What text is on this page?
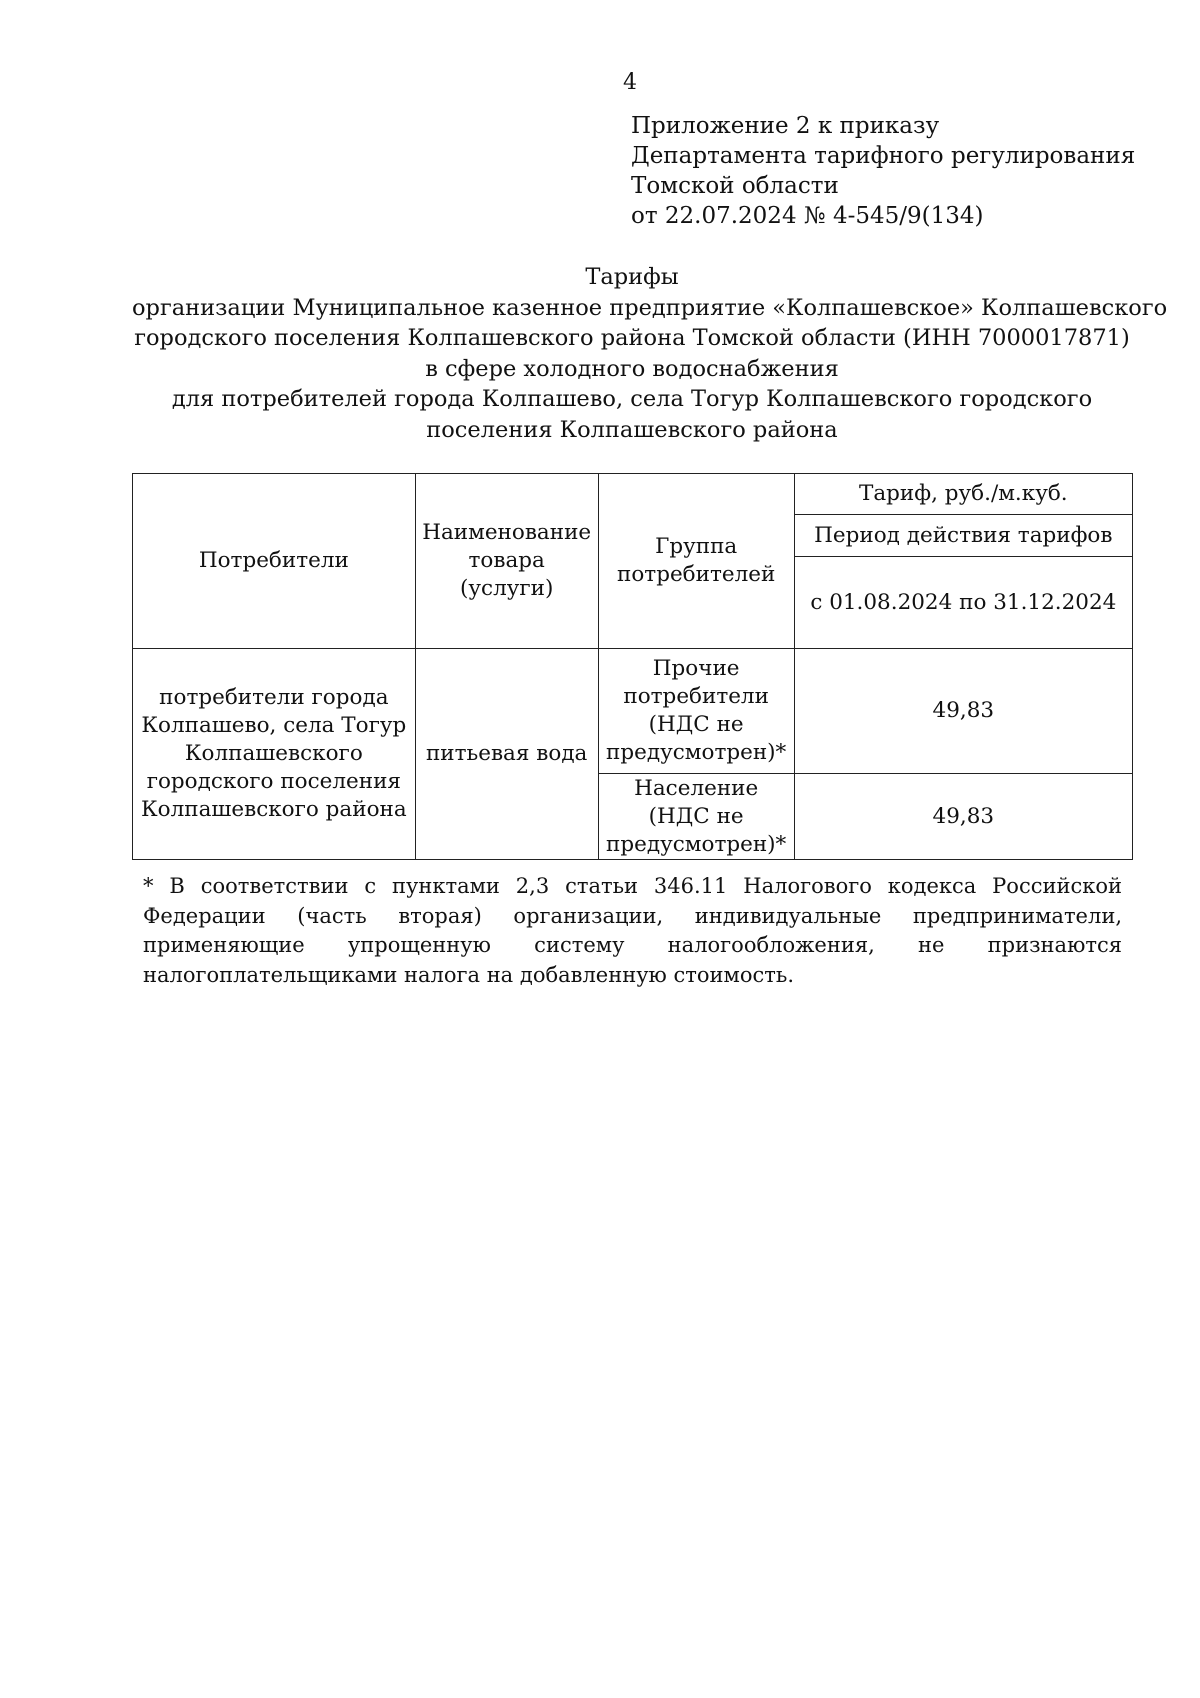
4
Приложение 2 к приказу
Департамента тарифного регулирования
Томской области
от 22.07.2024 № 4-545/9(134)
Тарифы
организации Муниципальное казенное предприятие «Колпашевское» Колпашевского
городского поселения Колпашевского района Томской области (ИНН 7000017871)
в сфере холодного водоснабжения
для потребителей города Колпашево, села Тогур Колпашевского городского
поселения Колпашевского района
Потребители	Наименование товара (услуги)	Группа потребителей	Тариф, руб./м.куб.
			Период действия тарифов
			с 01.08.2024 по 31.12.2024
потребители города Колпашево, села Тогур Колпашевского городского поселения Колпашевского района	питьевая вода	Прочие потребители (НДС не предусмотрен)*	49,83
		Население (НДС не предусмотрен)*	49,83
* В соответствии с пунктами 2,3 статьи 346.11 Налогового кодекса Российской Федерации (часть вторая) организации, индивидуальные предприниматели, применяющие упрощенную систему налогообложения, не признаются налогоплательщиками налога на добавленную стоимость.
